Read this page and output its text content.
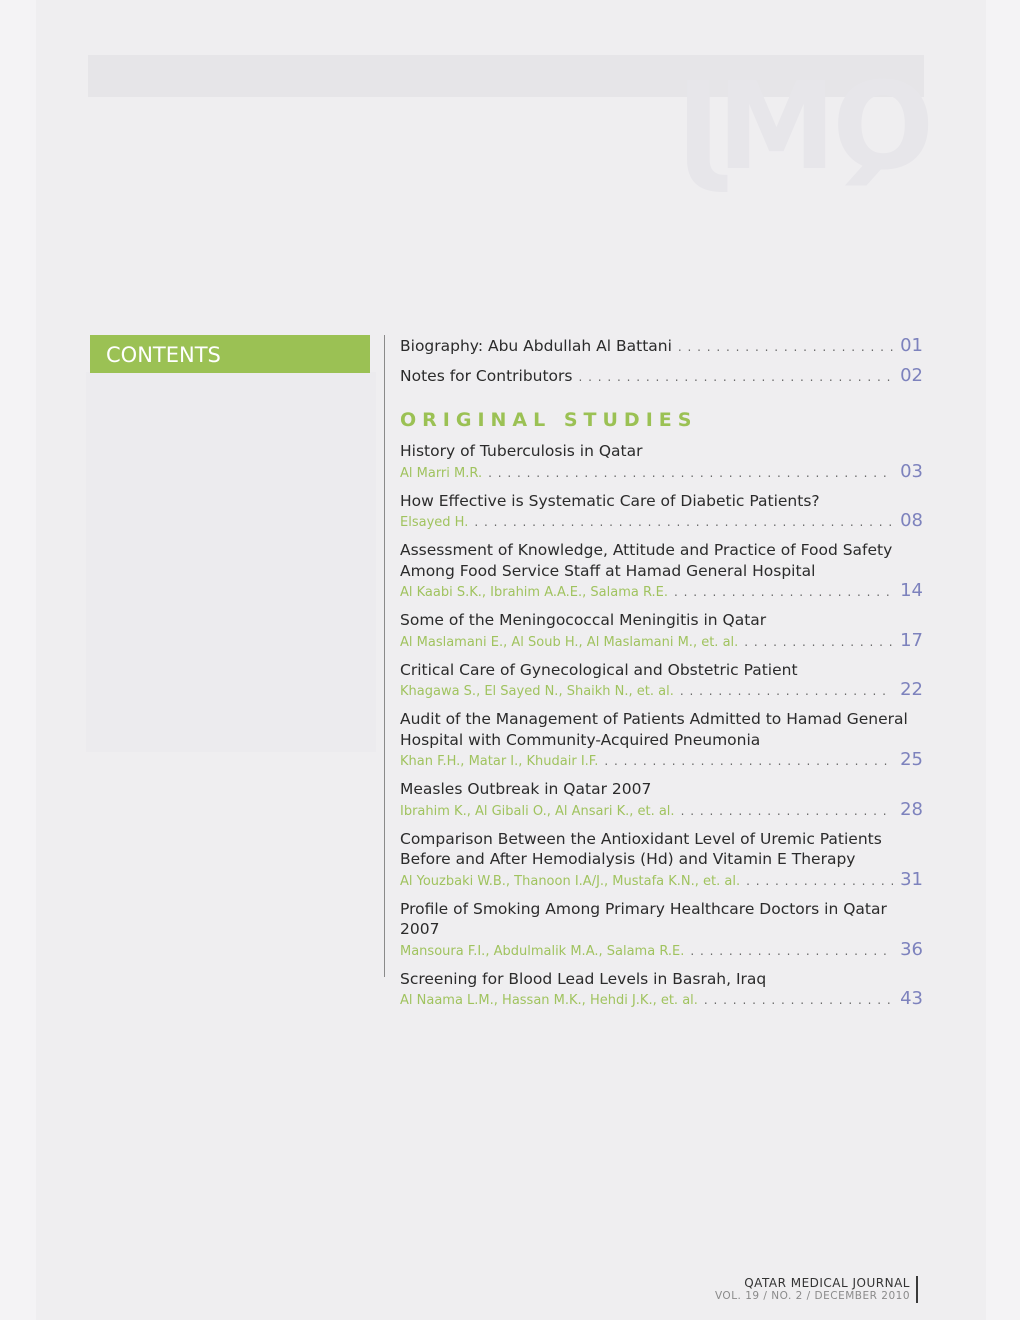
QMJ
CONTENTS	Biography: Abu Abdullah Al Battani . . .	01
Notes for Contributors . . .	02
ORIGINAL STUDIES
History of Tuberculosis in Qatar
Al Marri M.R. . . .	03
How Effective is Systematic Care of Diabetic Patients?
Elsayed H. . . .	08
Assessment of Knowledge, Attitude and Practice of Food Safety Among Food Service Staff at Hamad General Hospital
Al Kaabi S.K., Ibrahim A.A.E., Salama R.E. . . .	14
Some of the Meningococcal Meningitis in Qatar
Al Maslamani E., Al Soub H., Al Maslamani M., et. al. . . .	17
Critical Care of Gynecological and Obstetric Patient
Khagawa S., El Sayed N., Shaikh N., et. al. . . .	22
Audit of the Management of Patients Admitted to Hamad General Hospital with Community-Acquired Pneumonia
Khan F.H., Matar I., Khudair I.F. . . .	25
Measles Outbreak in Qatar 2007
Ibrahim K., Al Gibali O., Al Ansari K., et. al. . . .	28
Comparison Between the Antioxidant Level of Uremic Patients Before and After Hemodialysis (Hd) and Vitamin E Therapy
Al Youzbaki W.B., Thanoon I.A/J., Mustafa K.N., et. al. . . .	31
Profile of Smoking Among Primary Healthcare Doctors in Qatar 2007
Mansoura F.I., Abdulmalik M.A., Salama R.E. . . .	36
Screening for Blood Lead Levels in Basrah, Iraq
Al Naama L.M., Hassan M.K., Hehdi J.K., et. al. . . .	43
QATAR MEDICAL JOURNAL
VOL. 19 / NO. 2 / DECEMBER 2010
